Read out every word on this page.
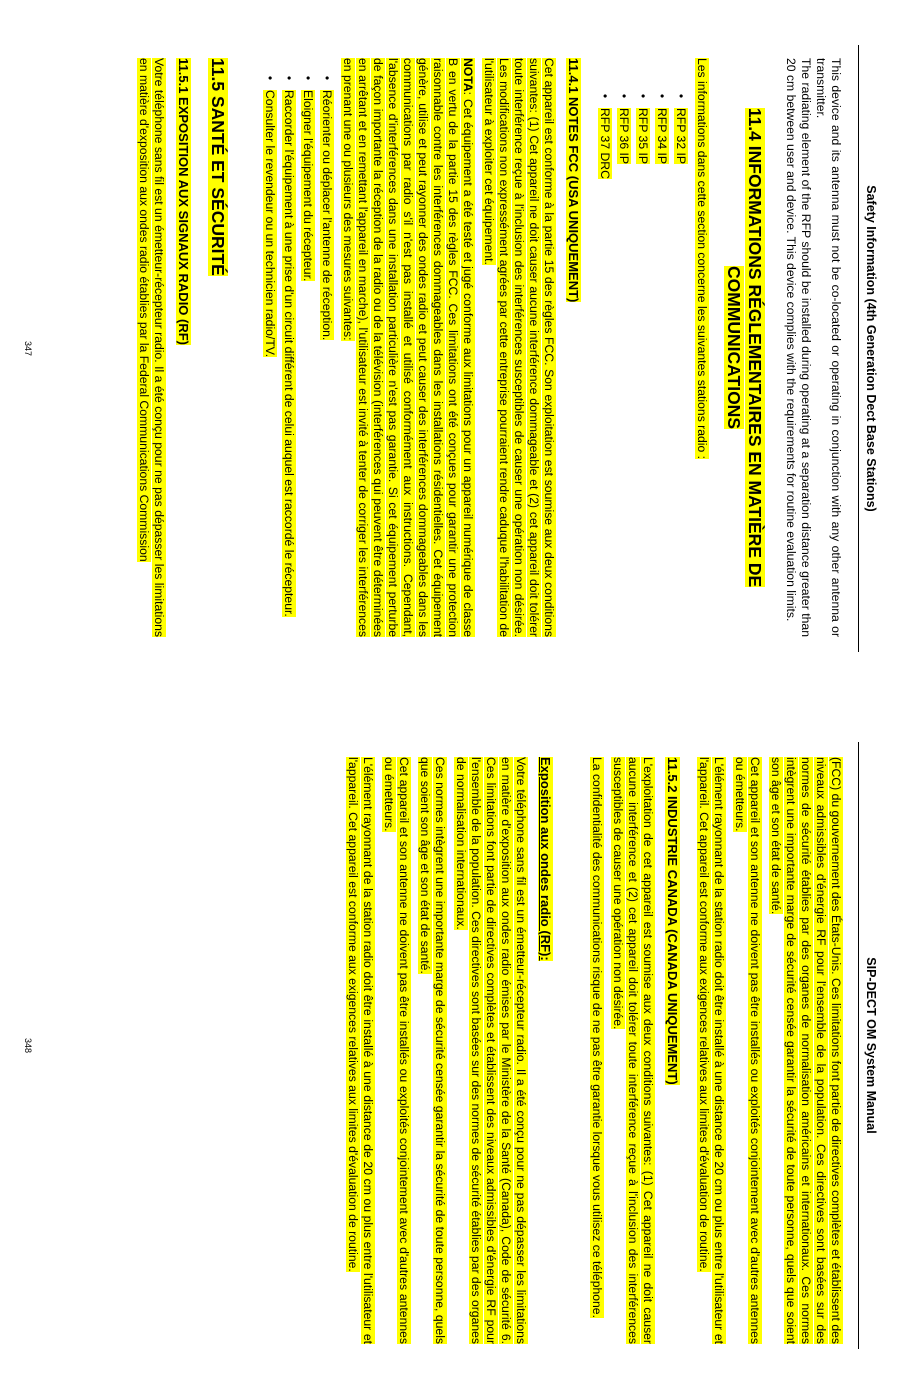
Safety Information (4th Generation Dect Base Stations)

This device and its antenna must not be co-located or operating in conjunction with any other antenna or transmitter.

The radiating element of the RFP should be installed during operating at a separation distance greater than 20 cm between user and device. This device complies with the requirements for routine evaluation limits.

11.4 INFORMATIONS RÉGLEMENTAIRES EN MATIÈRE DE COMMUNICATIONS

Les informations dans cette section concerne les suivantes stations radio :

•
RFP 32 IP
•
RFP 34 IP
•
RFP 35 IP
•
RFP 36 IP
•
RFP 37 DRC
11.4.1 NOTES FCC (USA UNIQUEMENT)

Cet appareil est conforme à la partie 15 des règles FCC. Son exploitation est soumise aux deux conditions suivantes: (1) Cet appareil ne doit causer aucune interférence dommageable et (2) cet appareil doit tolérer toute interférence reçue à l'inclusion des interférences susceptibles de causer une opération non désirée. Les modifications non expressément agrées par cette entreprise pourraient rendre caduque l'habilitation de l'utilisateur à exploiter cet équipement.

NOTA: Cet équipement a été testé et jugé conforme aux limitations pour un appareil numérique de classe B en vertu de la partie 15 des règles FCC. Ces limitations ont été conçues pour garantir une protection raisonnable contre les interférences dommageables dans les installations résidentielles. Cet équipement génère, utilise et peut rayonner des ondes radio et peut causer des interférences dommageables dans les communications par radio s'il n'est pas installé et utilisé conformément aux instructions. Cependant, l'absence d'interférences dans une installation particulière n'est pas garantie. Si cet équipement perturbe de façon importante la réception de la radio ou de la télévision (interférences qui peuvent être déterminées en arrêtant et en remettant l'appareil en marche), l'utilisateur est invité à tenter de corriger les interférences en prenant une ou plusieurs des mesures suivantes:

•
Réorienter ou déplacer l'antenne de réception.
•
Eloigner l'équipement du récepteur.
•
Raccorder l'équipement à une prise d'un circuit différent de celui auquel est raccordé le récepteur.
•
Consulter le revendeur ou un technicien radio/TV.
11.5 SANTÉ ET SÉCURITÉ
11.5.1 EXPOSITION AUX SIGNAUX RADIO (RF)

Votre téléphone sans fil est un émetteur-récepteur radio. Il a été conçu pour ne pas dépasser les limitations en matière d'exposition aux ondes radio établies par la Federal Communications Commission

347
SIP-DECT OM System Manual

(FCC) du gouvernement des États-Unis. Ces limitations font partie de directives complètes et établissent des niveaux admissibles d'énergie RF pour l'ensemble de la population. Ces directives sont basées sur des normes de sécurité établies par des organes de normalisation américains et internationaux. Ces normes intègrent une importante marge de sécurité censée garantir la sécurité de toute personne, quels que soient son âge et son état de santé.

Cet appareil et son antenne ne doivent pas être installés ou exploités conjointement avec d'autres antennes ou émetteurs.

L'élément rayonnant de la station radio doit être installé à une distance de 20 cm ou plus entre l'utilisateur et l'appareil. Cet appareil est conforme aux exigences relatives aux limites d'évaluation de routine.

11.5.2 INDUSTRIE CANADA (CANADA UNIQUEMENT)

L'exploitation de cet appareil est soumise aux deux conditions suivantes: (1) Cet appareil ne doit causer aucune interférence et (2) cet appareil doit tolérer toute interférence reçue à l'inclusion des interférences susceptibles de causer une opération non désirée.

La confidentialité des communications risque de ne pas être garantie lorsque vous utilisez ce téléphone.

Exposition aux ondes radio (RF):

Votre téléphone sans fil est un émetteur-récepteur radio. Il a été conçu pour ne pas dépasser les limitations en matière d'exposition aux ondes radio émises par le Ministère de la Santé (Canada), Code de sécurité 6. Ces limitations font partie de directives complètes et établissent des niveaux admissibles d'énergie RF pour l'ensemble de la population. Ces directives sont basées sur des normes de sécurité établies par des organes de normalisation internationaux.

Ces normes intègrent une importante marge de sécurité censée garantir la sécurité de toute personne, quels que soient son âge et son état de santé.

Cet appareil et son antenne ne doivent pas être installés ou exploités conjointement avec d'autres antennes ou émetteurs.

L'élément rayonnant de la station radio doit être installé à une distance de 20 cm ou plus entre l'utilisateur et l'appareil. Cet appareil est conforme aux exigences relatives aux limites d'évaluation de routine.

348
